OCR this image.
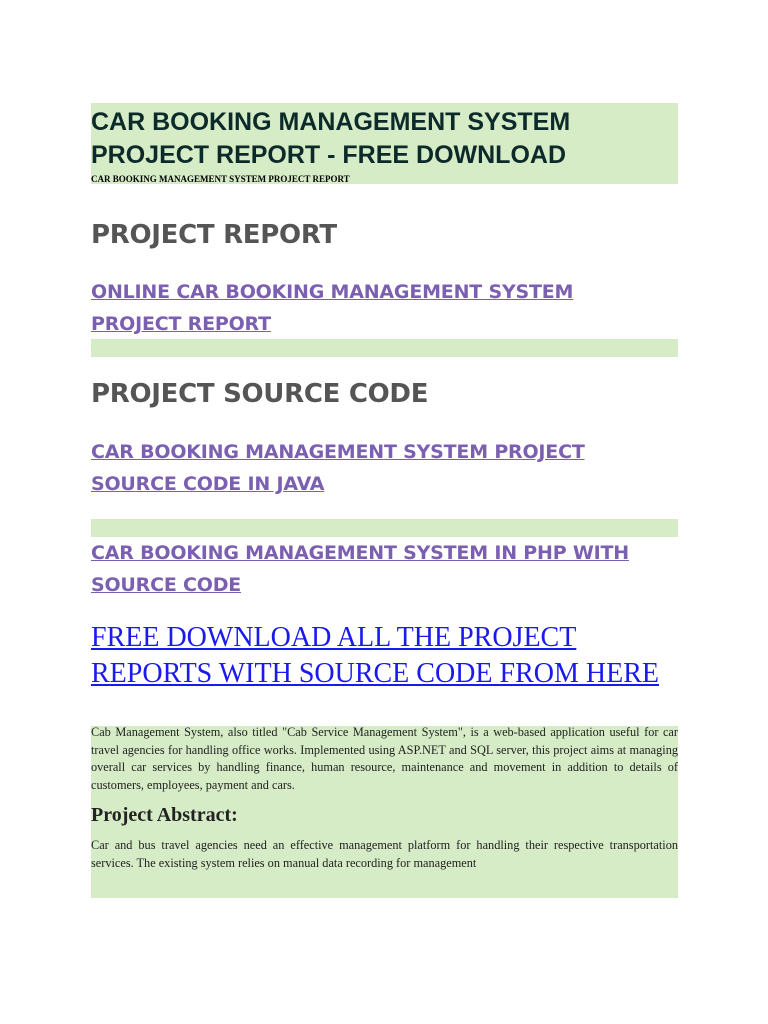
CAR BOOKING MANAGEMENT SYSTEM PROJECT REPORT - FREE DOWNLOAD

CAR BOOKING MANAGEMENT SYSTEM PROJECT REPORT

PROJECT REPORT
ONLINE CAR BOOKING MANAGEMENT SYSTEM PROJECT REPORT
PROJECT SOURCE CODE
CAR BOOKING MANAGEMENT SYSTEM PROJECT SOURCE CODE IN JAVA
CAR BOOKING MANAGEMENT SYSTEM IN PHP WITH SOURCE CODE
FREE DOWNLOAD ALL THE PROJECT REPORTS WITH SOURCE CODE FROM HERE

Cab Management System, also titled "Cab Service Management System", is a web-based application useful for car travel agencies for handling office works. Implemented using ASP.NET and SQL server, this project aims at managing overall car services by handling finance, human resource, maintenance and movement in addition to details of customers, employees, payment and cars.

Project Abstract:

Car and bus travel agencies need an effective management platform for handling their respective transportation services. The existing system relies on manual data recording for management
